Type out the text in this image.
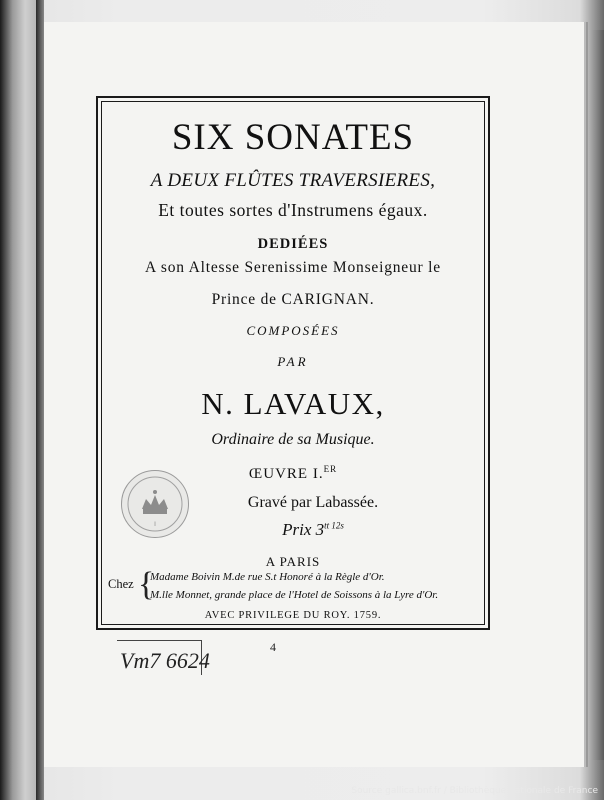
SIX SONATES
A DEUX FLÛTES TRAVERSIERES,
Et toutes sortes d'Instrumens égaux.
DEDIÉES
A son Altesse Serenissime Monseigneur le
Prince de CARIGNAN.
COMPOSÉES
PAR
N. LAVAUX,
Ordinaire de sa Musique.
ŒUVRE I.$^{ER}$
Gravé par Labassée.
Prix $3^{tt 12s}$
A PARIS
Chez {
Madame Boivin M.de rue S.t Honoré à la Règle d'Or.
M.lle Monnet, grande place de l'Hotel de Soissons à la Lyre d'Or.
AVEC PRIVILEGE DU ROY. 1759.
I
4
Vm7 6624
Source gallica.bnf.fr / Bibliothèque nationale de France
